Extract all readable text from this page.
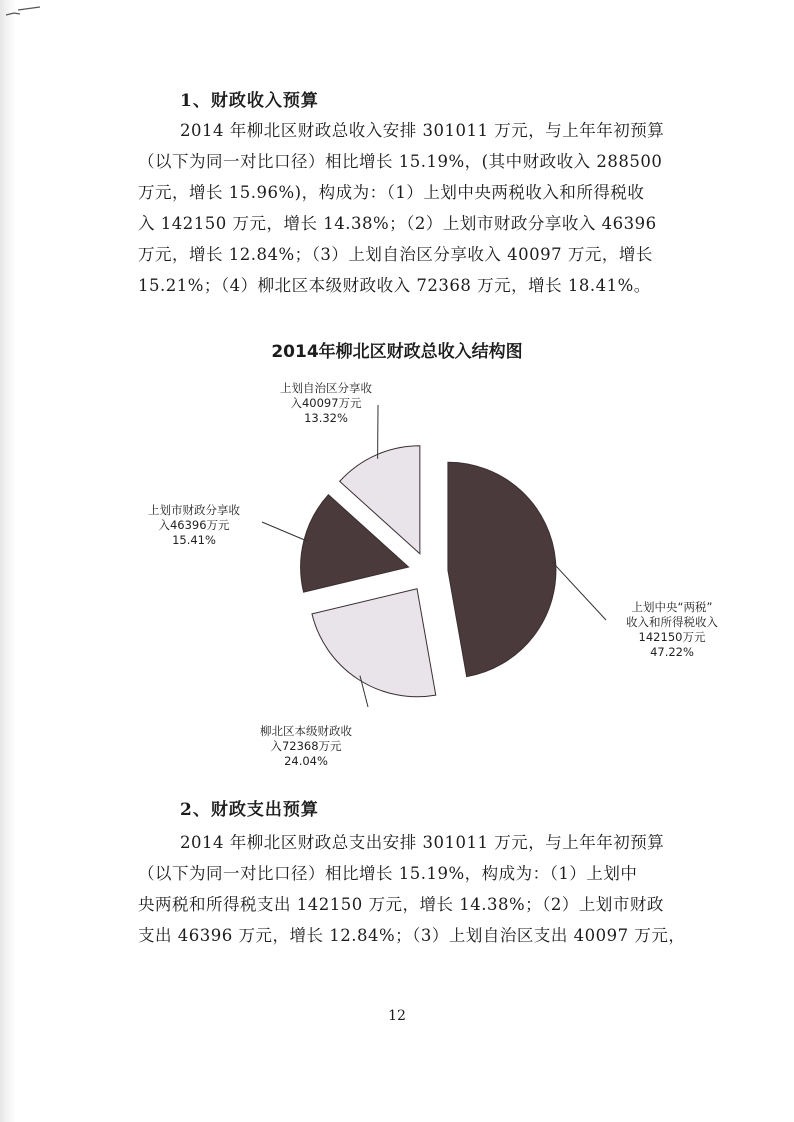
1、财政收入预算

2014 年柳北区财政总收入安排 301011 万元，与上年年初预算
（以下为同一对比口径）相比增长 15.19%，(其中财政收入 288500
万元，增长 15.96%)，构成为：（1）上划中央两税收入和所得税收
入 142150 万元，增长 14.38%；（2）上划市财政分享收入 46396
万元，增长 12.84%；（3）上划自治区分享收入 40097 万元，增长
15.21%；（4）柳北区本级财政收入 72368 万元，增长 18.41%。

2014年柳北区财政总收入结构图
上划中央“两税”收入和所得税收入 142150万元 47.22%
柳北区本级财政收入72368万元 24.04%
上划市财政分享收入46396万元 15.41%
上划自治区分享收入40097万元 13.32%
2、财政支出预算

2014 年柳北区财政总支出安排 301011 万元，与上年年初预算
（以下为同一对比口径）相比增长 15.19%，构成为：（1）上划中
央两税和所得税支出 142150 万元，增长 14.38%；（2）上划市财政
支出 46396 万元，增长 12.84%；（3）上划自治区支出 40097 万元，

12
